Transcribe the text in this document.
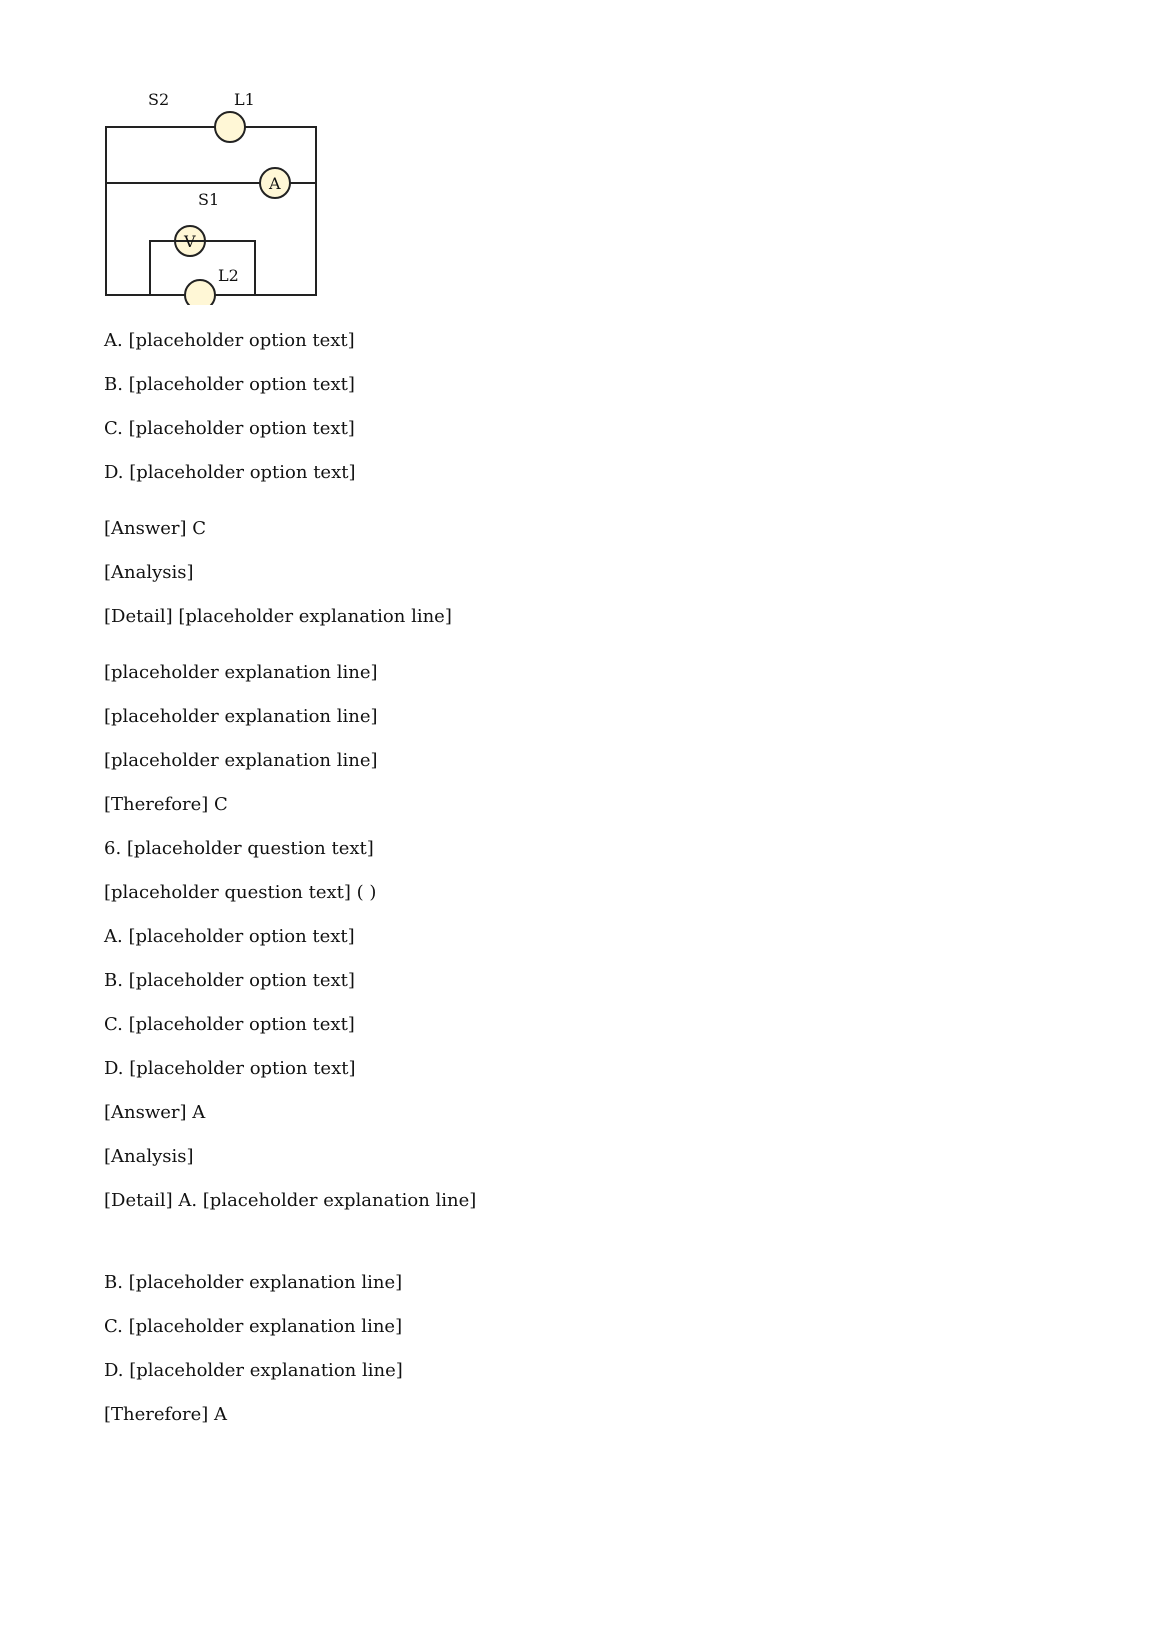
S2	L1
S1
A
V
L2
A. [placeholder option text]
B. [placeholder option text]
C. [placeholder option text]
D. [placeholder option text]
[Answer] C
[Analysis]
[Detail] [placeholder explanation line]
[placeholder explanation line]
[placeholder explanation line]
[placeholder explanation line]
[Therefore] C
6. [placeholder question text]
[placeholder question text] ( )
A. [placeholder option text]
B. [placeholder option text]
C. [placeholder option text]
D. [placeholder option text]
[Answer] A
[Analysis]
[Detail] A. [placeholder explanation line]
B. [placeholder explanation line]
C. [placeholder explanation line]
D. [placeholder explanation line]
[Therefore] A
